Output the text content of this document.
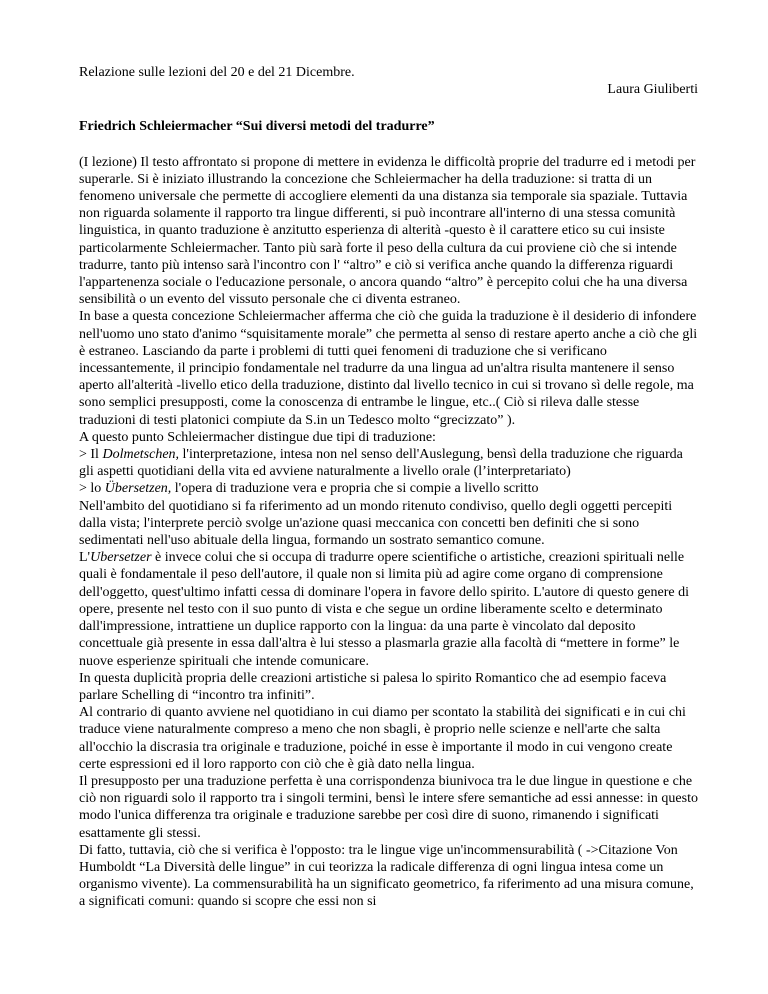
Relazione sulle lezioni del 20 e del 21 Dicembre.

Laura Giuliberti

Friedrich Schleiermacher “Sui diversi metodi del tradurre”

(I lezione) Il testo affrontato si propone di mettere in evidenza le difficoltà proprie del tradurre ed i metodi per superarle. Si è iniziato illustrando la concezione che Schleiermacher ha della traduzione: si tratta di un fenomeno universale che permette di accogliere elementi da una distanza sia temporale sia spaziale. Tuttavia non riguarda solamente il rapporto tra lingue differenti, si può incontrare all'interno di una stessa comunità linguistica, in quanto traduzione è anzitutto esperienza di alterità -questo è il carattere etico su cui insiste particolarmente Schleiermacher. Tanto più sarà forte il peso della cultura da cui proviene ciò che si intende tradurre, tanto più intenso sarà l'incontro con l' “altro” e ciò si verifica anche quando la differenza riguardi l'appartenenza sociale o l'educazione personale, o ancora quando “altro” è percepito colui che ha una diversa sensibilità o un evento del vissuto personale che ci diventa estraneo.

In base a questa concezione Schleiermacher afferma che ciò che guida la traduzione è il desiderio di infondere nell'uomo uno stato d'animo “squisitamente morale” che permetta al senso di restare aperto anche a ciò che gli è estraneo. Lasciando da parte i problemi di tutti quei fenomeni di traduzione che si verificano incessantemente, il principio fondamentale nel tradurre da una lingua ad un'altra risulta mantenere il senso aperto all'alterità -livello etico della traduzione, distinto dal livello tecnico in cui si trovano sì delle regole, ma sono semplici presupposti, come la conoscenza di entrambe le lingue, etc..( Ciò si rileva dalle stesse traduzioni di testi platonici compiute da S.in un Tedesco molto “grecizzato” ).

A questo punto Schleiermacher distingue due tipi di traduzione:

> Il Dolmetschen, l'interpretazione, intesa non nel senso dell'Auslegung, bensì della traduzione che riguarda gli aspetti quotidiani della vita ed avviene naturalmente a livello orale (l’interpretariato)

> lo Übersetzen, l'opera di traduzione vera e propria che si compie a livello scritto

Nell'ambito del quotidiano si fa riferimento ad un mondo ritenuto condiviso, quello degli oggetti percepiti dalla vista; l'interprete perciò svolge un'azione quasi meccanica con concetti ben definiti che si sono sedimentati nell'uso abituale della lingua, formando un sostrato semantico comune.

L'Ubersetzer è invece colui che si occupa di tradurre opere scientifiche o artistiche, creazioni spirituali nelle quali è fondamentale il peso dell'autore, il quale non si limita più ad agire come organo di comprensione dell'oggetto, quest'ultimo infatti cessa di dominare l'opera in favore dello spirito. L'autore di questo genere di opere, presente nel testo con il suo punto di vista e che segue un ordine liberamente scelto e determinato dall'impressione, intrattiene un duplice rapporto con la lingua: da una parte è vincolato dal deposito concettuale già presente in essa dall'altra è lui stesso a plasmarla grazie alla facoltà di “mettere in forme” le nuove esperienze spirituali che intende comunicare.

In questa duplicità propria delle creazioni artistiche si palesa lo spirito Romantico che ad esempio faceva parlare Schelling di “incontro tra infiniti”.

Al contrario di quanto avviene nel quotidiano in cui diamo per scontato la stabilità dei significati e in cui chi traduce viene naturalmente compreso a meno che non sbagli, è proprio nelle scienze e nell'arte che salta all'occhio la discrasia tra originale e traduzione, poiché in esse è importante il modo in cui vengono create certe espressioni ed il loro rapporto con ciò che è già dato nella lingua.

Il presupposto per una traduzione perfetta è una corrispondenza biunivoca tra le due lingue in questione e che ciò non riguardi solo il rapporto tra i singoli termini, bensì le intere sfere semantiche ad essi annesse: in questo modo l'unica differenza tra originale e traduzione sarebbe per così dire di suono, rimanendo i significati esattamente gli stessi.

Di fatto, tuttavia, ciò che si verifica è l'opposto: tra le lingue vige un'incommensurabilità ( ->Citazione Von Humboldt “La Diversità delle lingue” in cui teorizza la radicale differenza di ogni lingua intesa come un organismo vivente). La commensurabilità ha un significato geometrico, fa riferimento ad una misura comune, a significati comuni: quando si scopre che essi non si
